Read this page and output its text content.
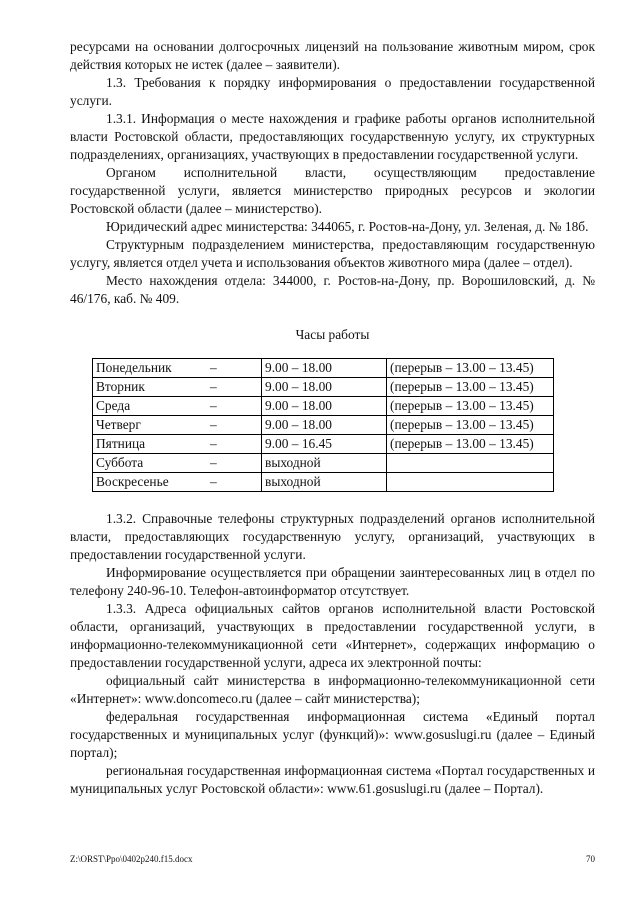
ресурсами на основании долгосрочных лицензий на пользование животным миром, срок действия которых не истек (далее – заявители).

1.3. Требования к порядку информирования о предоставлении государственной услуги.

1.3.1. Информация о месте нахождения и графике работы органов исполнительной власти Ростовской области, предоставляющих государственную услугу, их структурных подразделениях, организациях, участвующих в предоставлении государственной услуги.

Органом исполнительной власти, осуществляющим предоставление государственной услуги, является министерство природных ресурсов и экологии Ростовской области (далее – министерство).

Юридический адрес министерства: 344065, г. Ростов-на-Дону, ул. Зеленая, д. № 18б.

Структурным подразделением министерства, предоставляющим государственную услугу, является отдел учета и использования объектов животного мира (далее – отдел).

Место нахождения отдела: 344000, г. Ростов-на-Дону, пр. Ворошиловский, д. № 46/176, каб. № 409.

Часы работы

Понедельник	–	9.00 – 18.00	(перерыв – 13.00 – 13.45)
Вторник	–	9.00 – 18.00	(перерыв – 13.00 – 13.45)
Среда	–	9.00 – 18.00	(перерыв – 13.00 – 13.45)
Четверг	–	9.00 – 18.00	(перерыв – 13.00 – 13.45)
Пятница	–	9.00 – 16.45	(перерыв – 13.00 – 13.45)
Суббота	–	выходной	
Воскресенье	–	выходной	

1.3.2. Справочные телефоны структурных подразделений органов исполнительной власти, предоставляющих государственную услугу, организаций, участвующих в предоставлении государственной услуги.

Информирование осуществляется при обращении заинтересованных лиц в отдел по телефону 240-96-10. Телефон-автоинформатор отсутствует.

1.3.3. Адреса официальных сайтов органов исполнительной власти Ростовской области, организаций, участвующих в предоставлении государственной услуги, в информационно-телекоммуникационной сети «Интернет», содержащих информацию о предоставлении государственной услуги, адреса их электронной почты:

официальный сайт министерства в информационно-телекоммуникационной сети «Интернет»: www.doncomeco.ru (далее – сайт министерства);

федеральная государственная информационная система «Единый портал государственных и муниципальных услуг (функций)»: www.gosuslugi.ru (далее – Единый портал);

региональная государственная информационная система «Портал государственных и муниципальных услуг Ростовской области»: www.61.gosuslugi.ru (далее – Портал).

Z:\ORST\Ppo\0402p240.f15.docx	70
